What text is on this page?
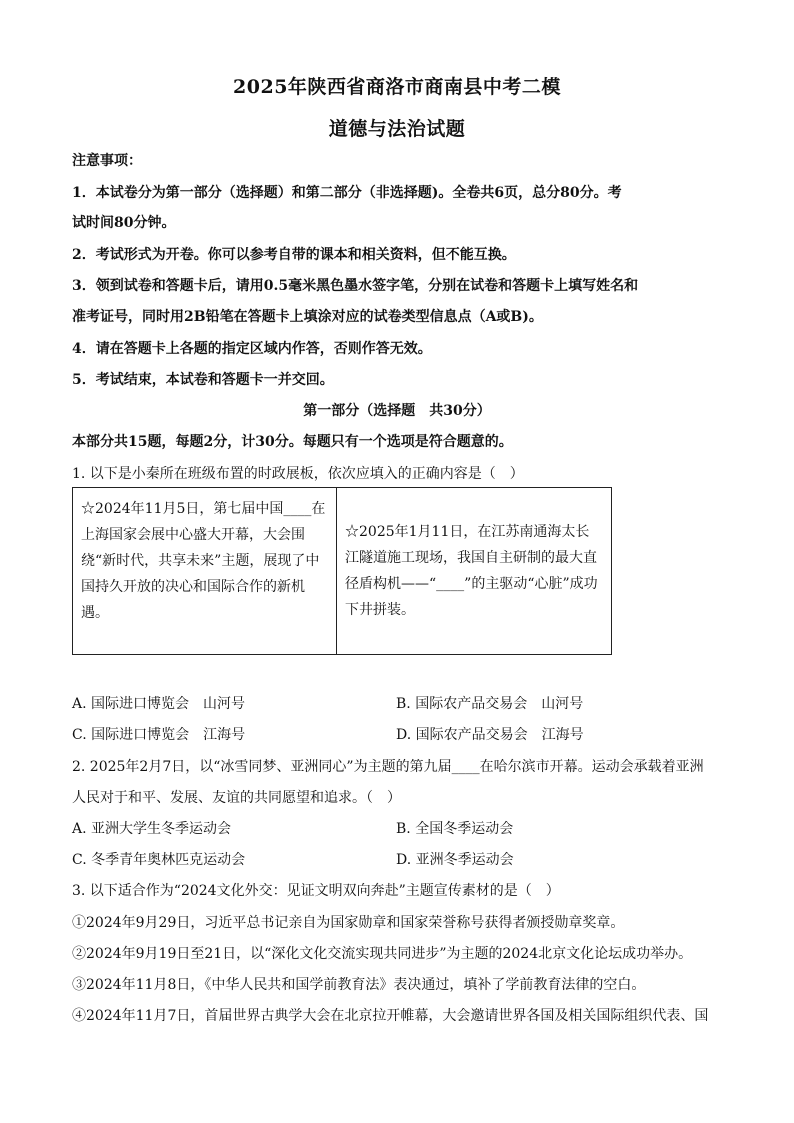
2025年陕西省商洛市商南县中考二模
道德与法治试题
注意事项：
1．本试卷分为第一部分（选择题）和第二部分（非选择题)。全卷共6页，总分80分。考
试时间80分钟。
2．考试形式为开卷。你可以参考自带的课本和相关资料，但不能互换。
3．领到试卷和答题卡后，请用0.5毫米黑色墨水签字笔，分别在试卷和答题卡上填写姓名和
准考证号，同时用2B铅笔在答题卡上填涂对应的试卷类型信息点（A或B)。
4．请在答题卡上各题的指定区域内作答，否则作答无效。
5．考试结束，本试卷和答题卡一并交回。
第一部分（选择题　共30分）
本部分共15题，每题2分，计30分。每题只有一个选项是符合题意的。
1. 以下是小秦所在班级布置的时政展板，依次应填入的正确内容是（　）
☆2024年11月5日，第七届中国____在上海国家会展中心盛大开幕，大会围绕“新时代，共享未来”主题，展现了中国持久开放的决心和国际合作的新机遇。
☆2025年1月11日，在江苏南通海太长江隧道施工现场，我国自主研制的最大直径盾构机——“____”的主驱动“心脏”成功下井拼装。
A. 国际进口博览会　山河号	B. 国际农产品交易会　山河号
C. 国际进口博览会　江海号	D. 国际农产品交易会　江海号
2. 2025年2月7日，以“冰雪同梦、亚洲同心”为主题的第九届____在哈尔滨市开幕。运动会承载着亚洲
人民对于和平、发展、友谊的共同愿望和追求。（　）
A. 亚洲大学生冬季运动会	B. 全国冬季运动会
C. 冬季青年奥林匹克运动会	D. 亚洲冬季运动会
3. 以下适合作为“2024文化外交：见证文明双向奔赴”主题宣传素材的是（　）
①2024年9月29日，习近平总书记亲自为国家勋章和国家荣誉称号获得者颁授勋章奖章。
②2024年9月19日至21日，以“深化文化交流实现共同进步”为主题的2024北京文化论坛成功举办。
③2024年11月8日，《中华人民共和国学前教育法》表决通过，填补了学前教育法律的空白。
④2024年11月7日，首届世界古典学大会在北京拉开帷幕，大会邀请世界各国及相关国际组织代表、国
